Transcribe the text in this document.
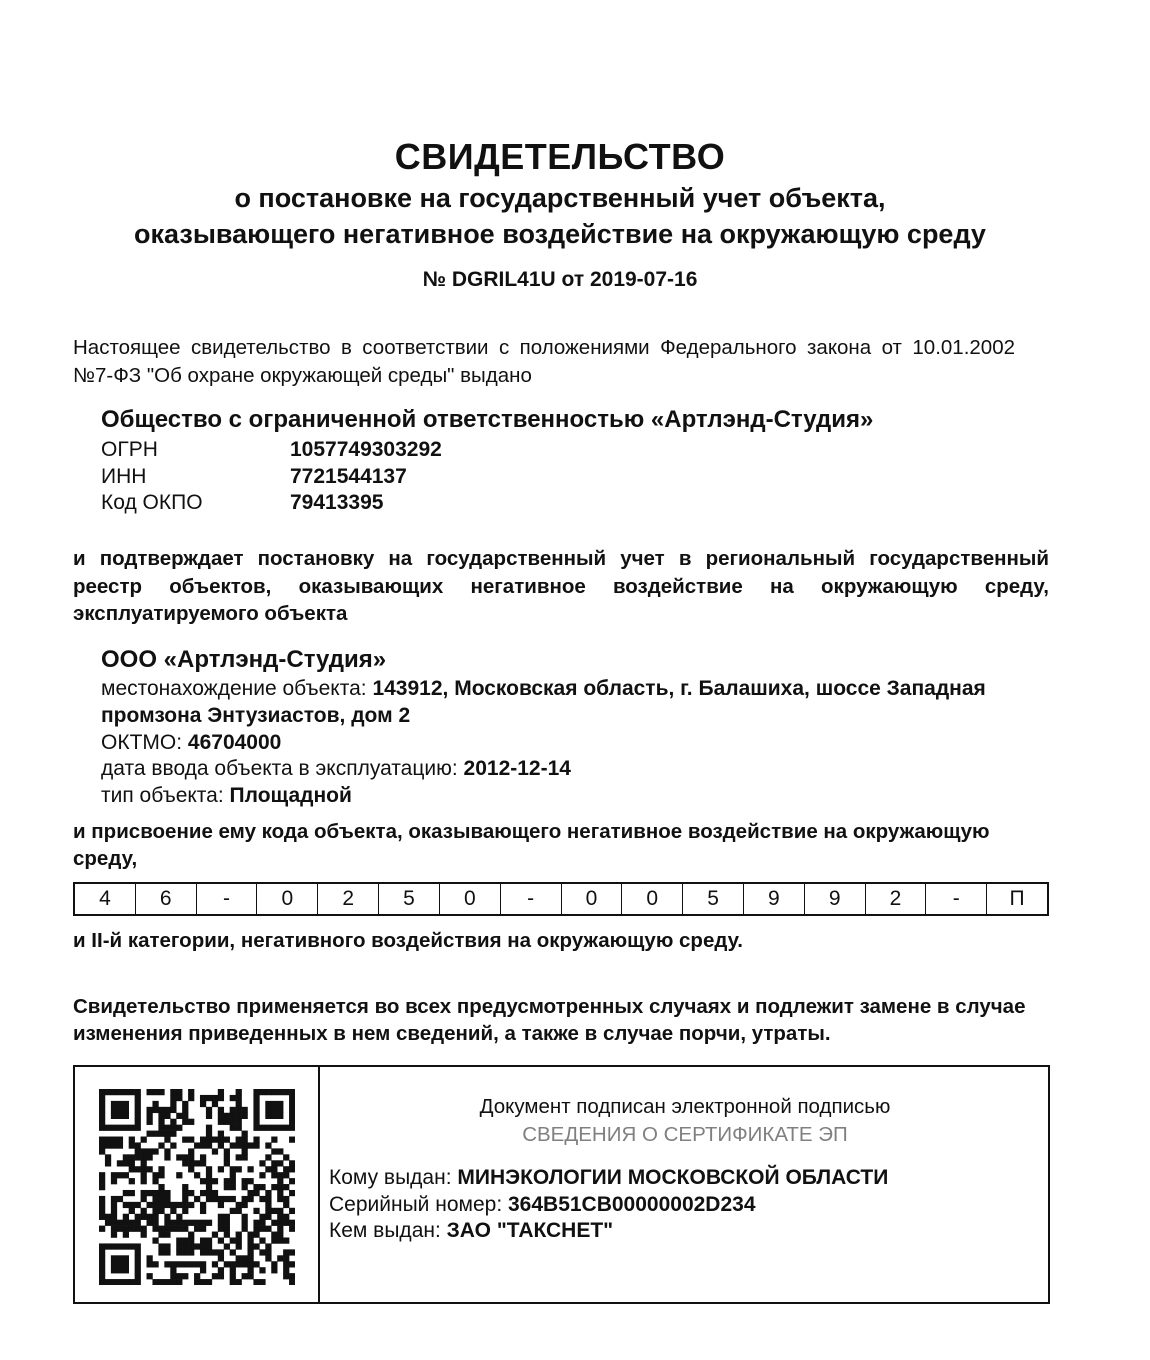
СВИДЕТЕЛЬСТВО
о постановке на государственный учет объекта,
оказывающего негативное воздействие на окружающую среду
№ DGRIL41U от 2019-07-16
Настоящее свидетельство в соответствии с положениями Федерального закона от 10.01.2002 №7-ФЗ "Об охране окружающей среды" выдано
Общество с ограниченной ответственностью «Артлэнд-Студия»
ОГРН	1057749303292
ИНН	7721544137
Код ОКПО	79413395
и подтверждает постановку на государственный учет в региональный государственный реестр объектов, оказывающих негативное воздействие на окружающую среду, эксплуатируемого объекта
ООО «Артлэнд-Студия»
местонахождение объекта: 143912, Московская область, г. Балашиха, шоссе Западная
промзона Энтузиастов, дом 2
ОКТМО: 46704000
дата ввода объекта в эксплуатацию: 2012-12-14
тип объекта: Площадной
и присвоение ему кода объекта, оказывающего негативное воздействие на окружающую среду,
4	6	-	0	2	5	0	-	0	0	5	9	9	2	-	П
и II-й категории, негативного воздействия на окружающую среду.
Свидетельство применяется во всех предусмотренных случаях и подлежит замене в случае изменения приведенных в нем сведений, а также в случае порчи, утраты.
Документ подписан электронной подписью
СВЕДЕНИЯ О СЕРТИФИКАТЕ ЭП
Кому выдан: МИНЭКОЛОГИИ МОСКОВСКОЙ ОБЛАСТИ
Серийный номер: 364B51CB00000002D234
Кем выдан: ЗАО "ТАКСНЕТ"
